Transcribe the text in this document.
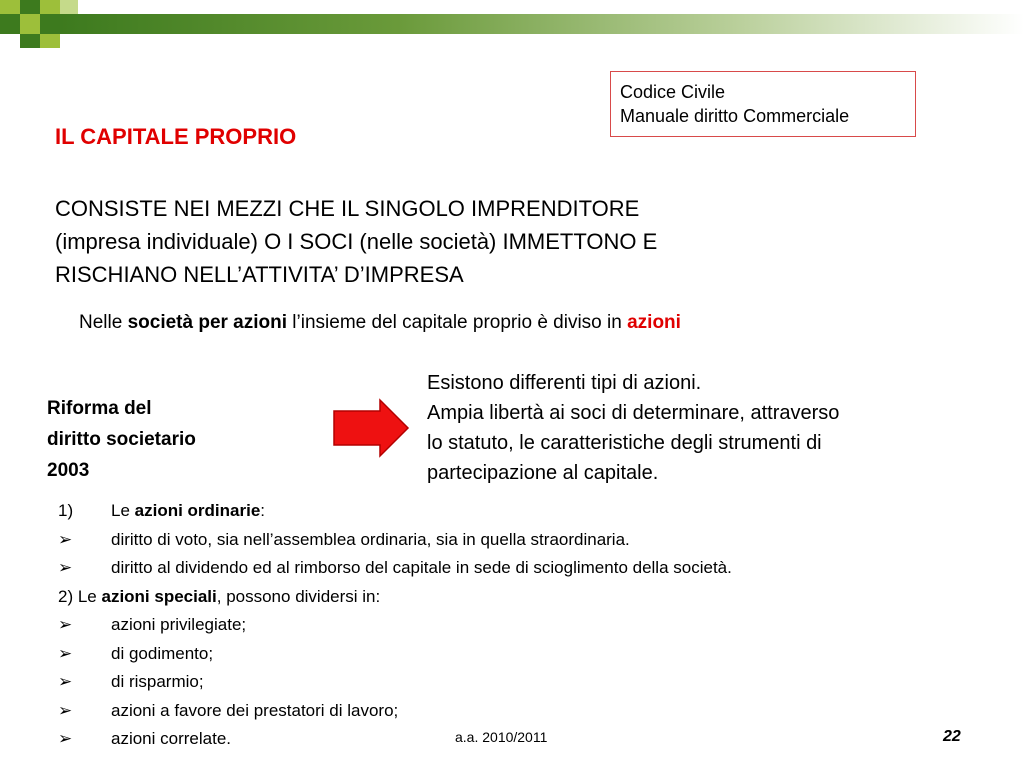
Codice Civile
Manuale diritto Commerciale
IL CAPITALE PROPRIO
CONSISTE NEI MEZZI CHE IL SINGOLO IMPRENDITORE
(impresa individuale) O I SOCI (nelle società) IMMETTONO E
RISCHIANO NELL’ATTIVITA’ D’IMPRESA
Nelle società per azioni l’insieme del capitale proprio è diviso in azioni
Riforma del
diritto societario
2003
Esistono differenti tipi di azioni.
Ampia libertà ai soci di determinare, attraverso
lo statuto, le caratteristiche degli strumenti di
partecipazione al capitale.
1) Le azioni ordinarie:
➢ diritto di voto, sia nell’assemblea ordinaria, sia in quella straordinaria.
➢ diritto al dividendo ed al rimborso del capitale in sede di scioglimento della società.
2) Le azioni speciali, possono dividersi in:
➢ azioni privilegiate;
➢ di godimento;
➢ di risparmio;
➢ azioni a favore dei prestatori di lavoro;
➢ azioni correlate.	a.a. 2010/2011	22
